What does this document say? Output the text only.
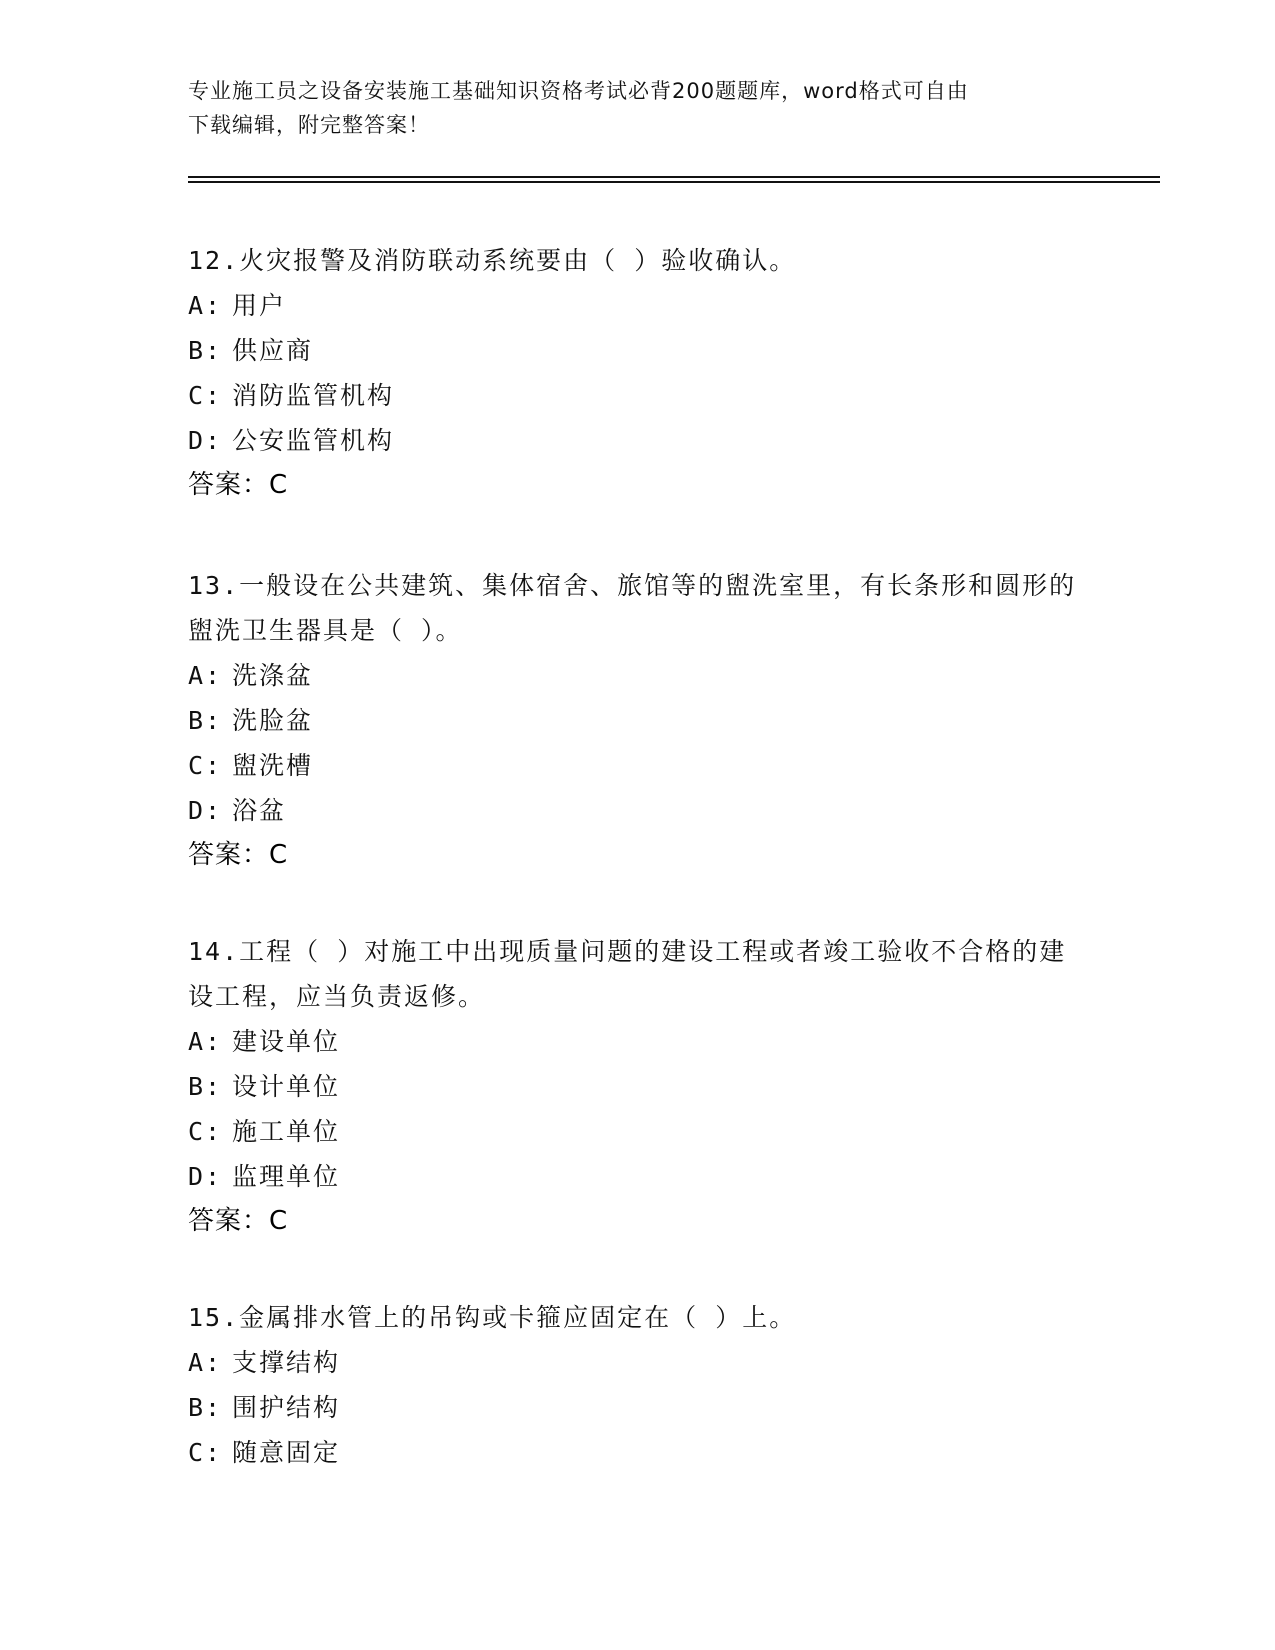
专业施工员之设备安装施工基础知识资格考试必背200题题库，word格式可自由
下载编辑，附完整答案！

12.火灾报警及消防联动系统要由（ ）验收确认。

A: 用户

B: 供应商

C: 消防监管机构

D: 公安监管机构

答案：C

13.一般设在公共建筑、集体宿舍、旅馆等的盥洗室里，有长条形和圆形的盥洗卫生器具是（ ）。

A: 洗涤盆

B: 洗脸盆

C: 盥洗槽

D: 浴盆

答案：C

14.工程（ ）对施工中出现质量问题的建设工程或者竣工验收不合格的建设工程，应当负责返修。

A: 建设单位

B: 设计单位

C: 施工单位

D: 监理单位

答案：C

15.金属排水管上的吊钩或卡箍应固定在（ ）上。

A: 支撑结构

B: 围护结构

C: 随意固定
